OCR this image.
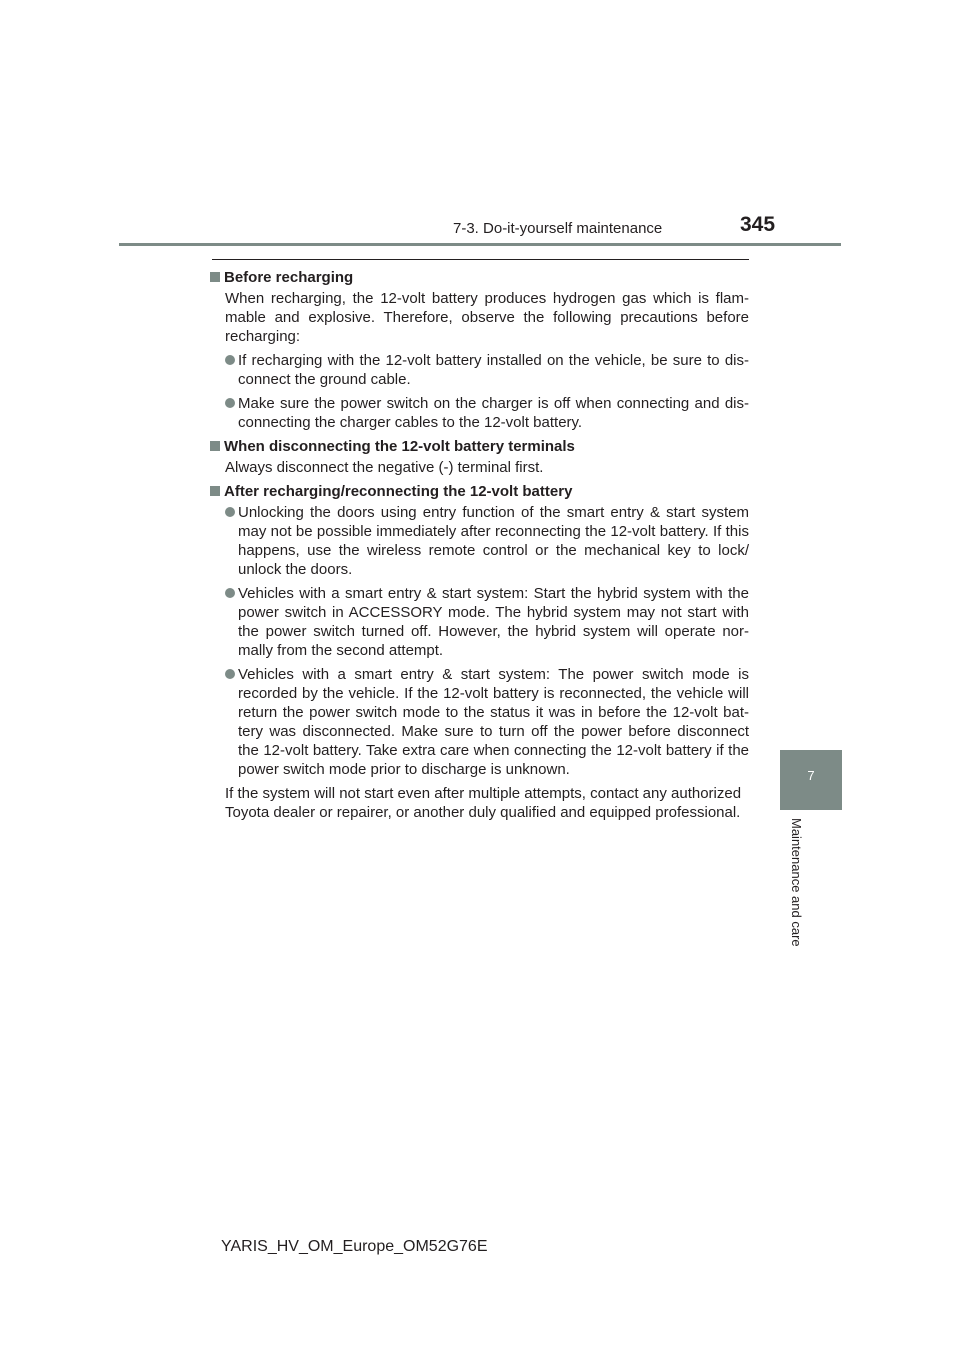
7-3. Do-it-yourself maintenance	345
Before recharging
When recharging, the 12-volt battery produces hydrogen gas which is flam-mable and explosive. Therefore, observe the following precautions before recharging:
If recharging with the 12-volt battery installed on the vehicle, be sure to dis-connect the ground cable.
Make sure the power switch on the charger is off when connecting and dis-connecting the charger cables to the 12-volt battery.
When disconnecting the 12-volt battery terminals
Always disconnect the negative (-) terminal first.
After recharging/reconnecting the 12-volt battery
Unlocking the doors using entry function of the smart entry & start system may not be possible immediately after reconnecting the 12-volt battery. If this happens, use the wireless remote control or the mechanical key to lock/ unlock the doors.
Vehicles with a smart entry & start system: Start the hybrid system with the power switch in ACCESSORY mode. The hybrid system may not start with the power switch turned off. However, the hybrid system will operate nor-mally from the second attempt.
Vehicles with a smart entry & start system: The power switch mode is recorded by the vehicle. If the 12-volt battery is reconnected, the vehicle will return the power switch mode to the status it was in before the 12-volt bat-tery was disconnected. Make sure to turn off the power before disconnect the 12-volt battery. Take extra care when connecting the 12-volt battery if the power switch mode prior to discharge is unknown.
If the system will not start even after multiple attempts, contact any authorized Toyota dealer or repairer, or another duly qualified and equipped professional.
7
Maintenance and care
YARIS_HV_OM_Europe_OM52G76E
